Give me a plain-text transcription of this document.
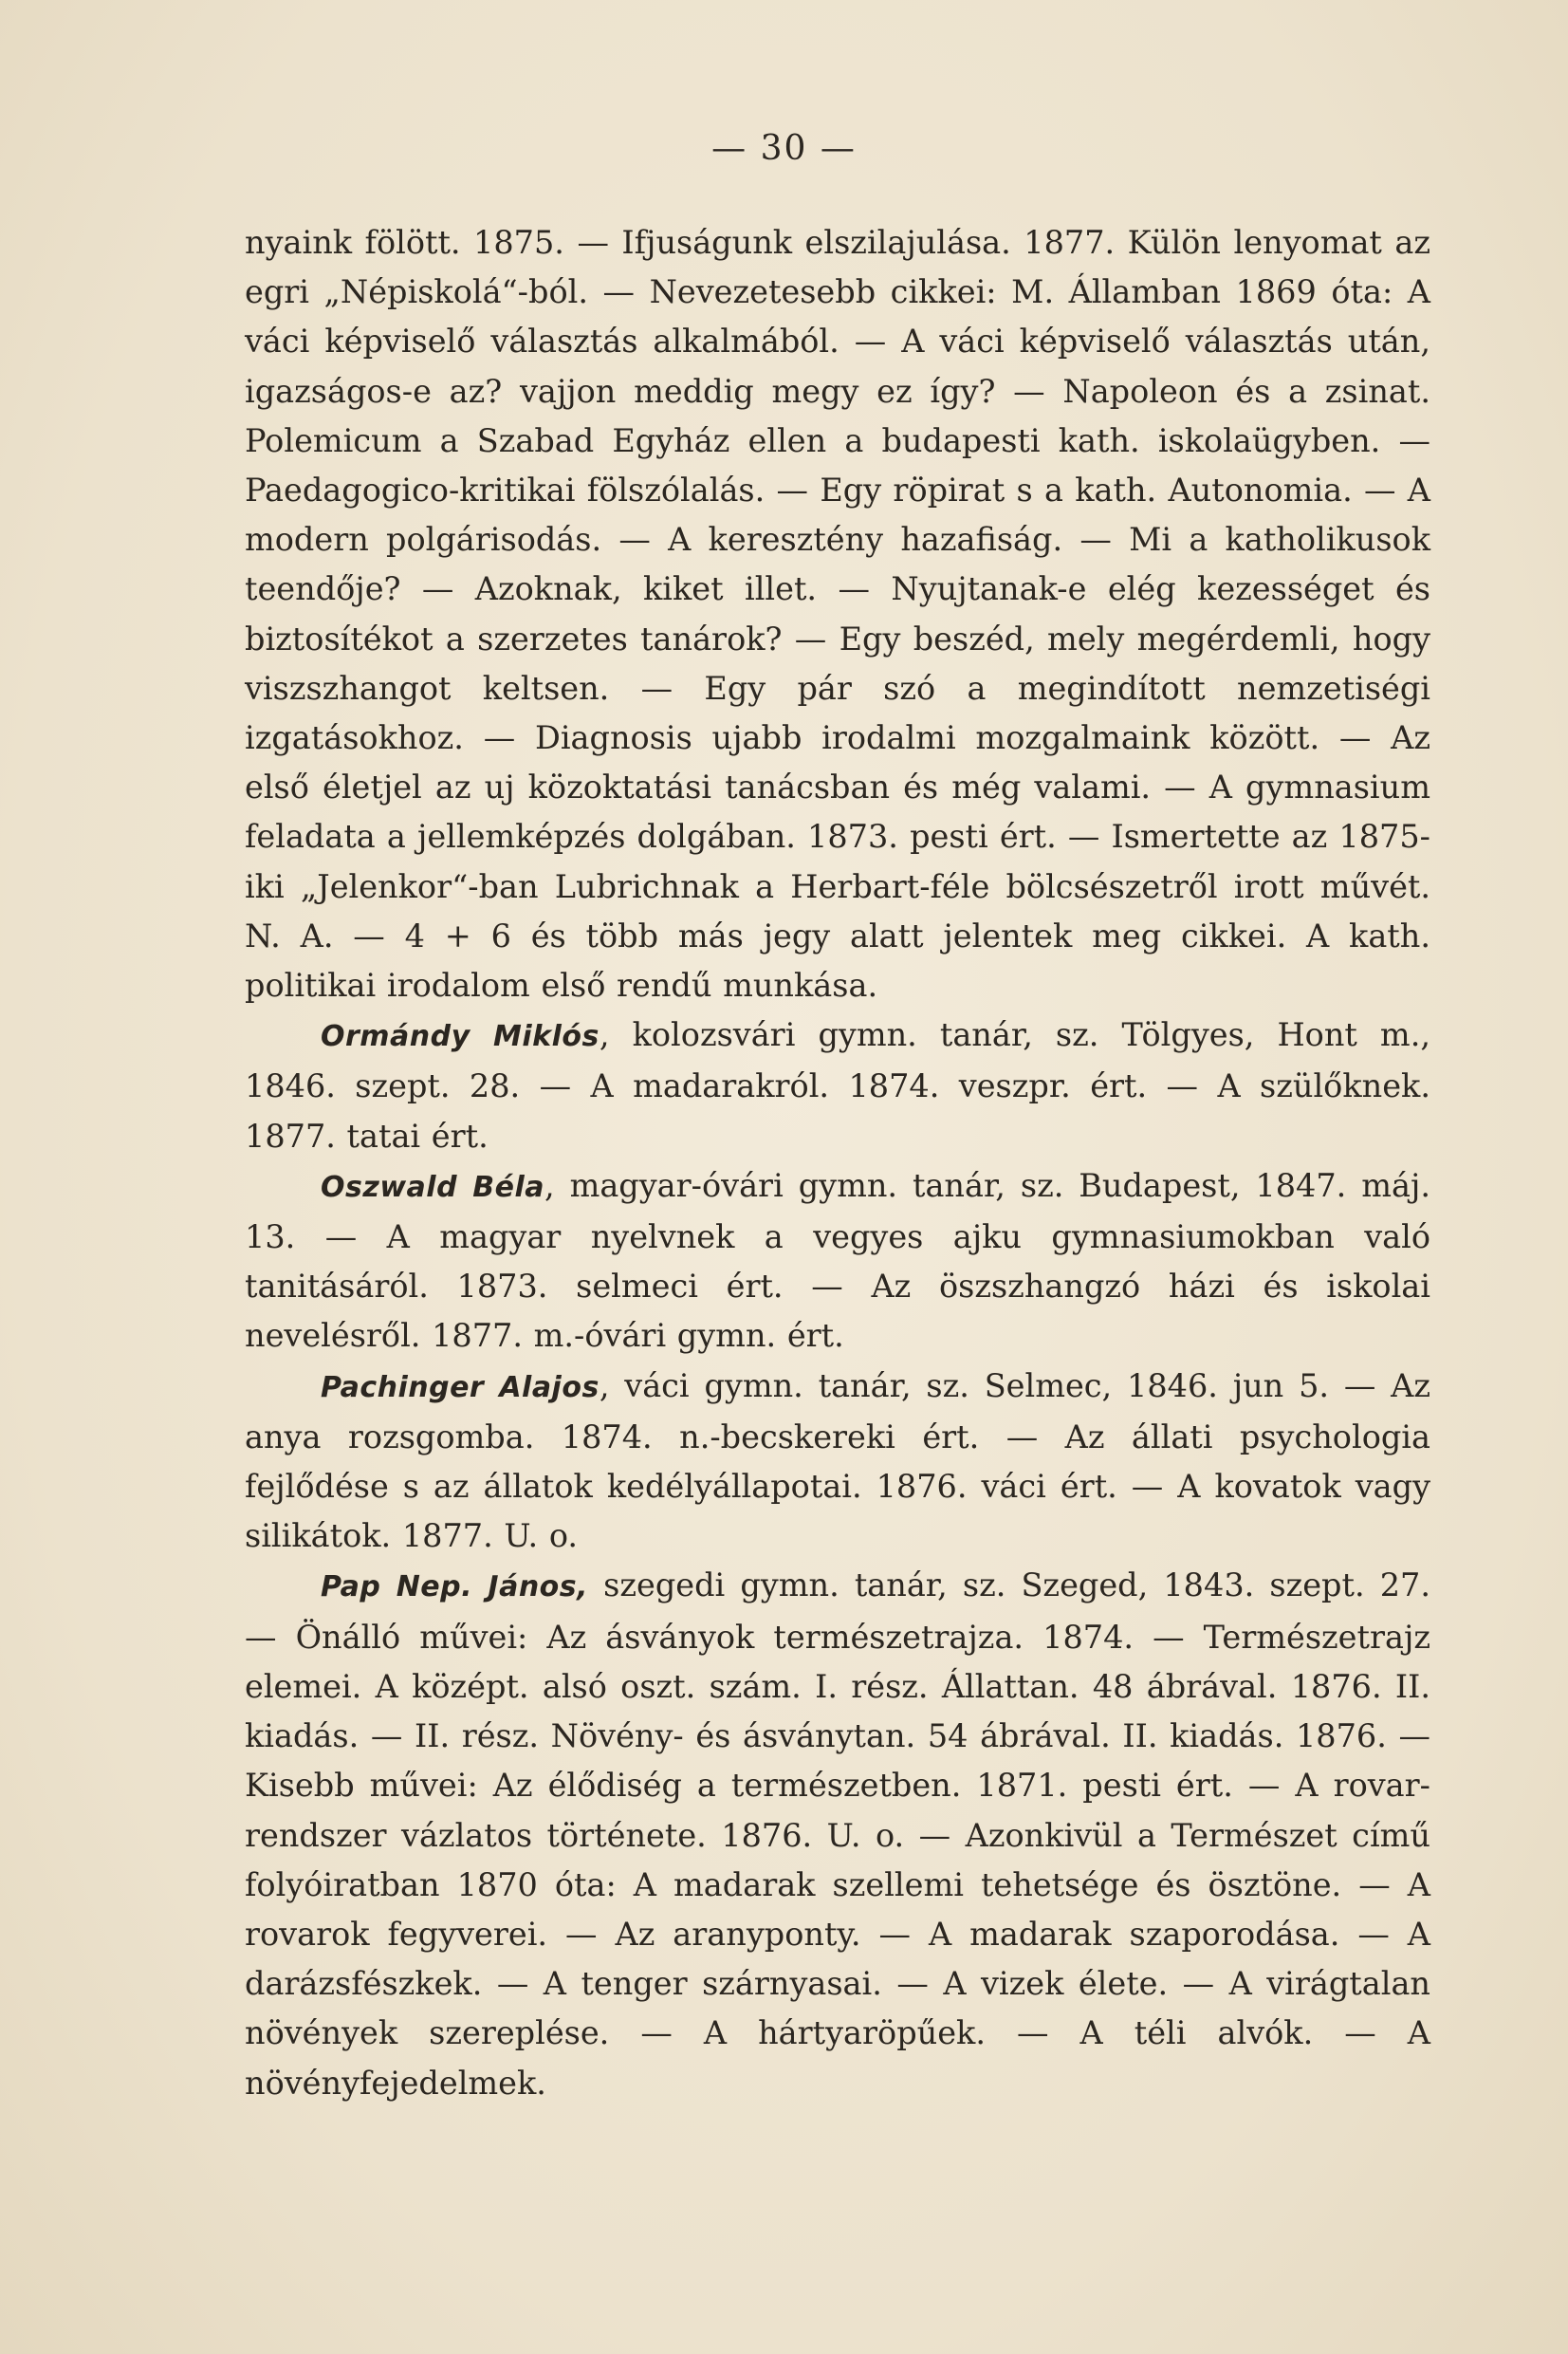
— 30 —

nyaink fölött. 1875. — Ifjuságunk elszilajulása. 1877. Külön lenyomat az egri „Népiskolá“-ból. — Nevezetesebb cikkei: M. Államban 1869 óta: A váci képviselő választás alkalmából. — A váci képviselő választás után, igazságos-e az? vajjon meddig megy ez így? — Napoleon és a zsinat. Polemicum a Szabad Egyház ellen a budapesti kath. iskolaügyben. — Paedagogico-kritikai fölszólalás. — Egy röpirat s a kath. Autonomia. — A modern polgárisodás. — A keresztény hazafiság. — Mi a katholikusok teendője? — Azoknak, kiket illet. — Nyujtanak-e elég kezességet és biztosítékot a szerzetes tanárok? — Egy beszéd, mely megérdemli, hogy viszszhangot keltsen. — Egy pár szó a megindított nemzetiségi izgatásokhoz. — Diagnosis ujabb irodalmi mozgalmaink között. — Az első életjel az uj közoktatási tanácsban és még valami. — A gymnasium feladata a jellemképzés dolgában. 1873. pesti ért. — Ismertette az 1875-iki „Jelenkor“-ban Lubrichnak a Herbart-féle bölcsészetről irott művét. N. A. — 4 + 6 és több más jegy alatt jelentek meg cikkei. A kath. politikai irodalom első rendű munkása.

Ormándy Miklós, kolozsvári gymn. tanár, sz. Tölgyes, Hont m., 1846. szept. 28. — A madarakról. 1874. veszpr. ért. — A szülőknek. 1877. tatai ért.

Oszwald Béla, magyar-óvári gymn. tanár, sz. Budapest, 1847. máj. 13. — A magyar nyelvnek a vegyes ajku gymnasiumokban való tanitásáról. 1873. selmeci ért. — Az öszszhangzó házi és iskolai nevelésről. 1877. m.-óvári gymn. ért.

Pachinger Alajos, váci gymn. tanár, sz. Selmec, 1846. jun 5. — Az anya rozsgomba. 1874. n.-becskereki ért. — Az állati psychologia fejlődése s az állatok kedélyállapotai. 1876. váci ért. — A kovatok vagy silikátok. 1877. U. o.

Pap Nep. János, szegedi gymn. tanár, sz. Szeged, 1843. szept. 27. — Önálló művei: Az ásványok természetrajza. 1874. — Természetrajz elemei. A középt. alsó oszt. szám. I. rész. Állattan. 48 ábrával. 1876. II. kiadás. — II. rész. Növény- és ásványtan. 54 ábrával. II. kiadás. 1876. — Kisebb művei: Az élődiség a természetben. 1871. pesti ért. — A rovar-rendszer vázlatos története. 1876. U. o. — Azonkivül a Természet című folyóiratban 1870 óta: A madarak szellemi tehetsége és ösztöne. — A rovarok fegyverei. — Az aranyponty. — A madarak szaporodása. — A darázsfészkek. — A tenger szárnyasai. — A vizek élete. — A virágtalan növények szereplése. — A hártyaröpűek. — A téli alvók. — A növényfejedelmek.
